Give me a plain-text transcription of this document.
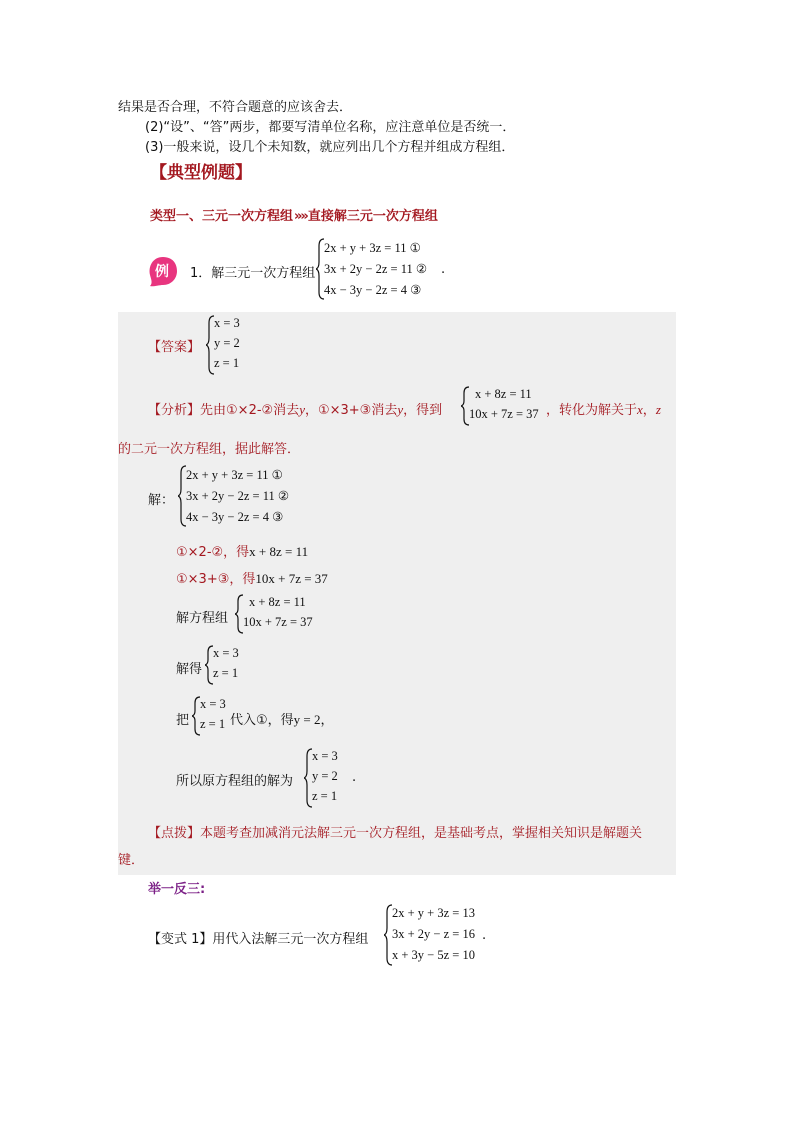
结果是否合理，不符合题意的应该舍去．
(2)“设”、“答”两步，都要写清单位名称，应注意单位是否统一．
(3)一般来说，设几个未知数，就应列出几个方程并组成方程组．
【典型例题】
类型一、三元一次方程组»»直接解三元一次方程组
例 1．解三元一次方程组
2x + y + 3z = 11 ①
3x + 2y − 2z = 11 ②
4x − 3y − 2z = 4 ③
.
【答案】
x = 3
y = 2
z = 1
【分析】先由①×2-②消去y，①×3+③消去y，得到
x + 8z = 11
10x + 7z = 37 ，转化为解关于x，z
的二元一次方程组，据此解答．
解：
2x + y + 3z = 11 ①
3x + 2y − 2z = 11 ②
4x − 3y − 2z = 4 ③
①×2-②，得x + 8z = 11
①×3+③，得10x + 7z = 37
解方程组
x + 8z = 11
10x + 7z = 37
解得
x = 3
z = 1
把
x = 3
z = 1 代入①，得y = 2，
所以原方程组的解为
x = 3
y = 2
z = 1
.
【点拨】本题考查加减消元法解三元一次方程组，是基础考点，掌握相关知识是解题关
键．
举一反三:
【变式 1】用代入法解三元一次方程组
2x + y + 3z = 13
3x + 2y − z = 16
x + 3y − 5z = 10
.
